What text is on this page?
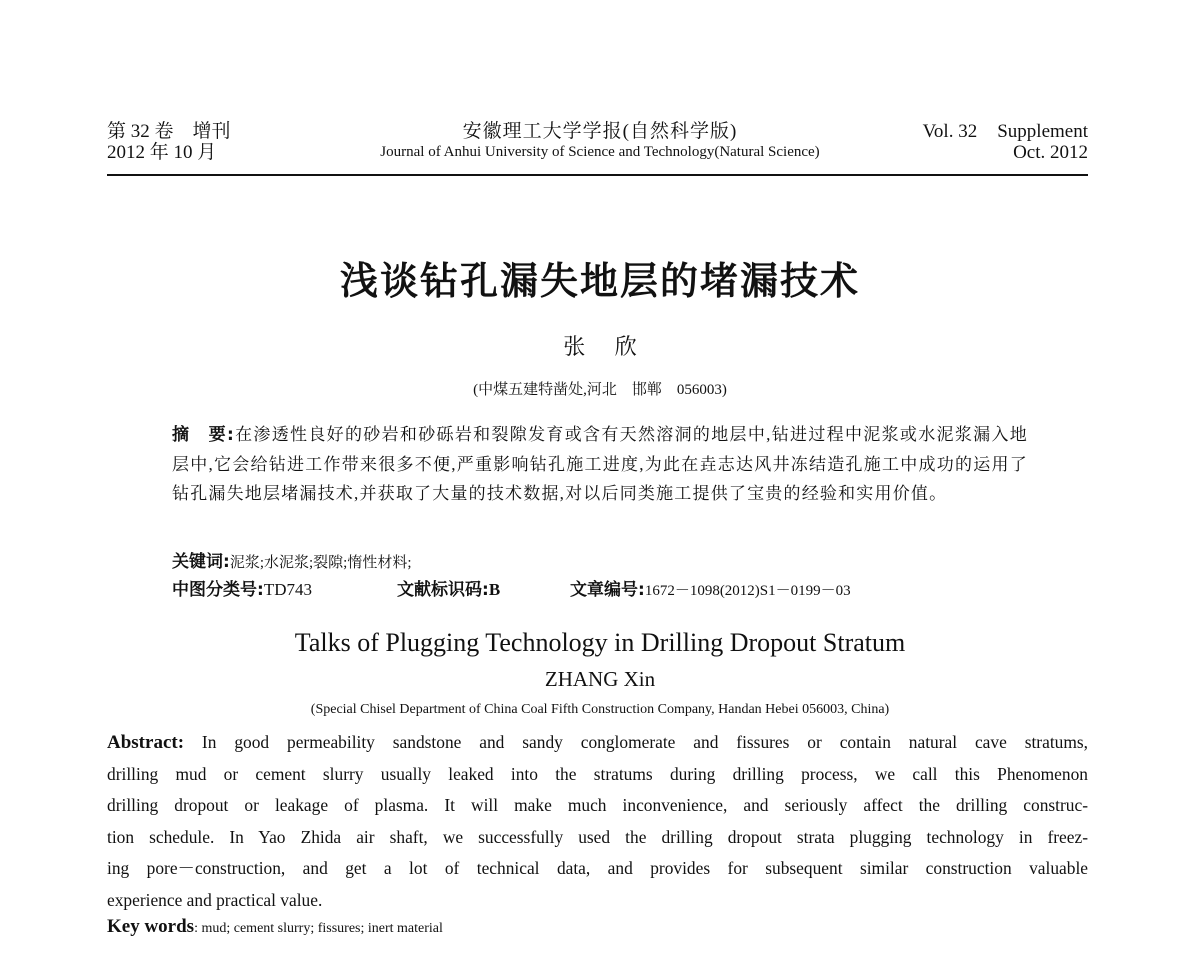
第 32 卷　增刊
2012 年 10 月
安徽理工大学学报(自然科学版)
Journal of Anhui University of Science and Technology(Natural Science)
Vol. 32 Supplement
Oct. 2012
浅谈钻孔漏失地层的堵漏技术
张 欣
(中煤五建特凿处,河北　邯郸　056003)
摘　要:在渗透性良好的砂岩和砂砾岩和裂隙发育或含有天然溶洞的地层中,钻进过程中泥浆或水泥浆漏入地层中,它会给钻进工作带来很多不便,严重影响钻孔施工进度,为此在垚志达风井冻结造孔施工中成功的运用了钻孔漏失地层堵漏技术,并获取了大量的技术数据,对以后同类施工提供了宝贵的经验和实用价值。
关键词:泥浆;水泥浆;裂隙;惰性材料;
中图分类号:TD743	文献标识码:B	文章编号:1672－1098(2012)S1－0199－03
Talks of Plugging Technology in Drilling Dropout Stratum
ZHANG Xin
(Special Chisel Department of China Coal Fifth Construction Company, Handan Hebei 056003, China)
Abstract: In good permeability sandstone and sandy conglomerate and fissures or contain natural cave stratums,
drilling mud or cement slurry usually leaked into the stratums during drilling process, we call this Phenomenon
drilling dropout or leakage of plasma. It will make much inconvenience, and seriously affect the drilling construc-
tion schedule. In Yao Zhida air shaft, we successfully used the drilling dropout strata plugging technology in freez-
ing pore－construction, and get a lot of technical data, and provides for subsequent similar construction valuable
experience and practical value.
Key words: mud; cement slurry; fissures; inert material
